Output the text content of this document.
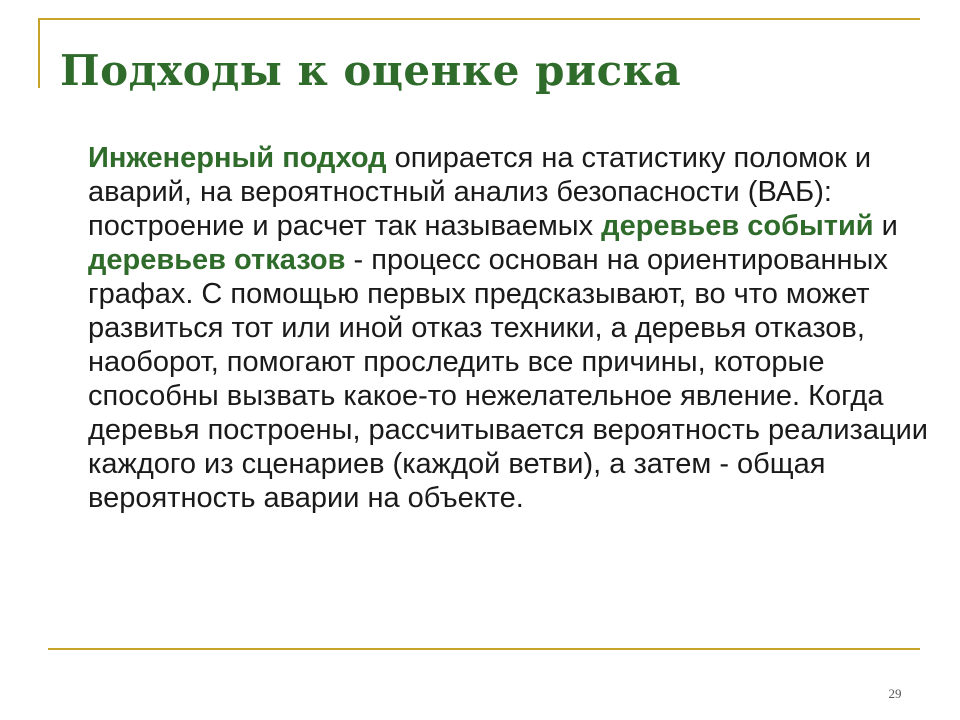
Подходы к оценке риска

Инженерный подход опирается на статистику поломок и аварий, на вероятностный анализ безопасности (ВАБ): построение и расчет так называемых деревьев событий и деревьев отказов - процесс основан на ориентированных графах. С помощью первых предсказывают, во что может развиться тот или иной отказ техники, а деревья отказов, наоборот, помогают проследить все причины, которые способны вызвать какое-то нежелательное явление. Когда деревья построены, рассчитывается вероятность реализации каждого из сценариев (каждой ветви), а затем - общая вероятность аварии на объекте.

29
